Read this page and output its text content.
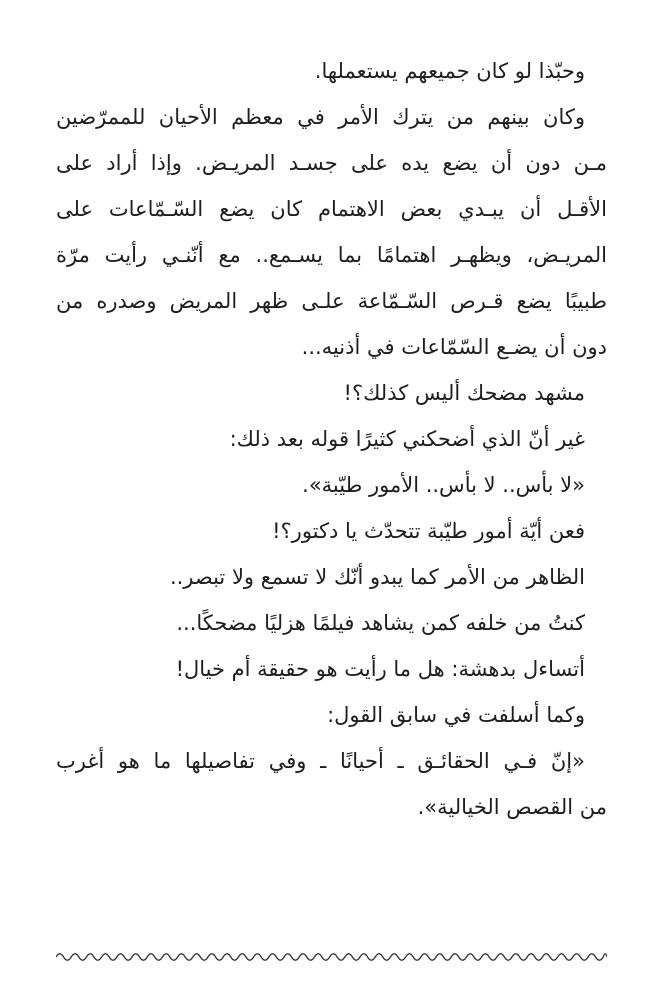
وحبّذا لو كان جميعهم يستعملها.
وكان بينهم من يترك الأمر في معظم الأحيان للممرّضين
مـن دون أن يضع يده على جسـد المريـض. وإذا أراد على
الأقـل أن يبـدي بعض الاهتمام كان يضع السّـمّاعات على
المريـض، ويظهـر اهتمامًا بما يسـمع.. مع أنّنـي رأيت مرّة
طبيبًا يضع قـرص السّـمّاعة علـى ظهر المريض وصدره من
دون أن يضـع السّمّاعات في أذنيه...
مشهد مضحك أليس كذلك؟!
غير أنّ الذي أضحكني كثيرًا قوله بعد ذلك:
«لا بأس.. لا بأس.. الأمور طيّبة».
فعن أيّة أمور طيّبة تتحدّث يا دكتور؟!
الظاهر من الأمر كما يبدو أنّك لا تسمع ولا تبصر..
كنتُ من خلفه كمن يشاهد فيلمًا هزليًا مضحكًا...
أتساءل بدهشة: هل ما رأيت هو حقيقة أم خيال!
وكما أسلفت في سابق القول:
«إنّ فـي الحقائـق ـ أحيانًا ـ وفي تفاصيلها ما هو أغرب
من القصص الخيالية».
